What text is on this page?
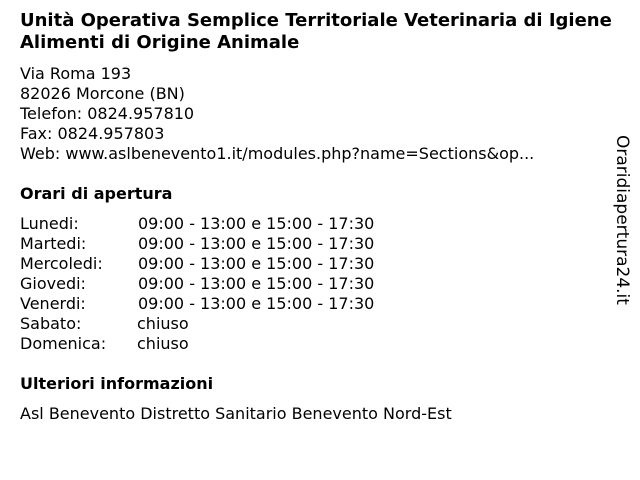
Unità Operativa Semplice Territoriale Veterinaria di Igiene Alimenti di Origine Animale
Via Roma 193
82026 Morcone (BN)
Telefon: 0824.957810
Fax: 0824.957803
Web: www.aslbenevento1.it/modules.php?name=Sections&op...
Orari di apertura
Lunedi:	09:00 - 13:00 e 15:00 - 17:30
Martedi:	09:00 - 13:00 e 15:00 - 17:30
Mercoledi:	09:00 - 13:00 e 15:00 - 17:30
Giovedi:	09:00 - 13:00 e 15:00 - 17:30
Venerdi:	09:00 - 13:00 e 15:00 - 17:30
Sabato:	chiuso
Domenica:	chiuso
Ulteriori informazioni
Asl Benevento Distretto Sanitario Benevento Nord-Est
Oraridiapertura24.it
